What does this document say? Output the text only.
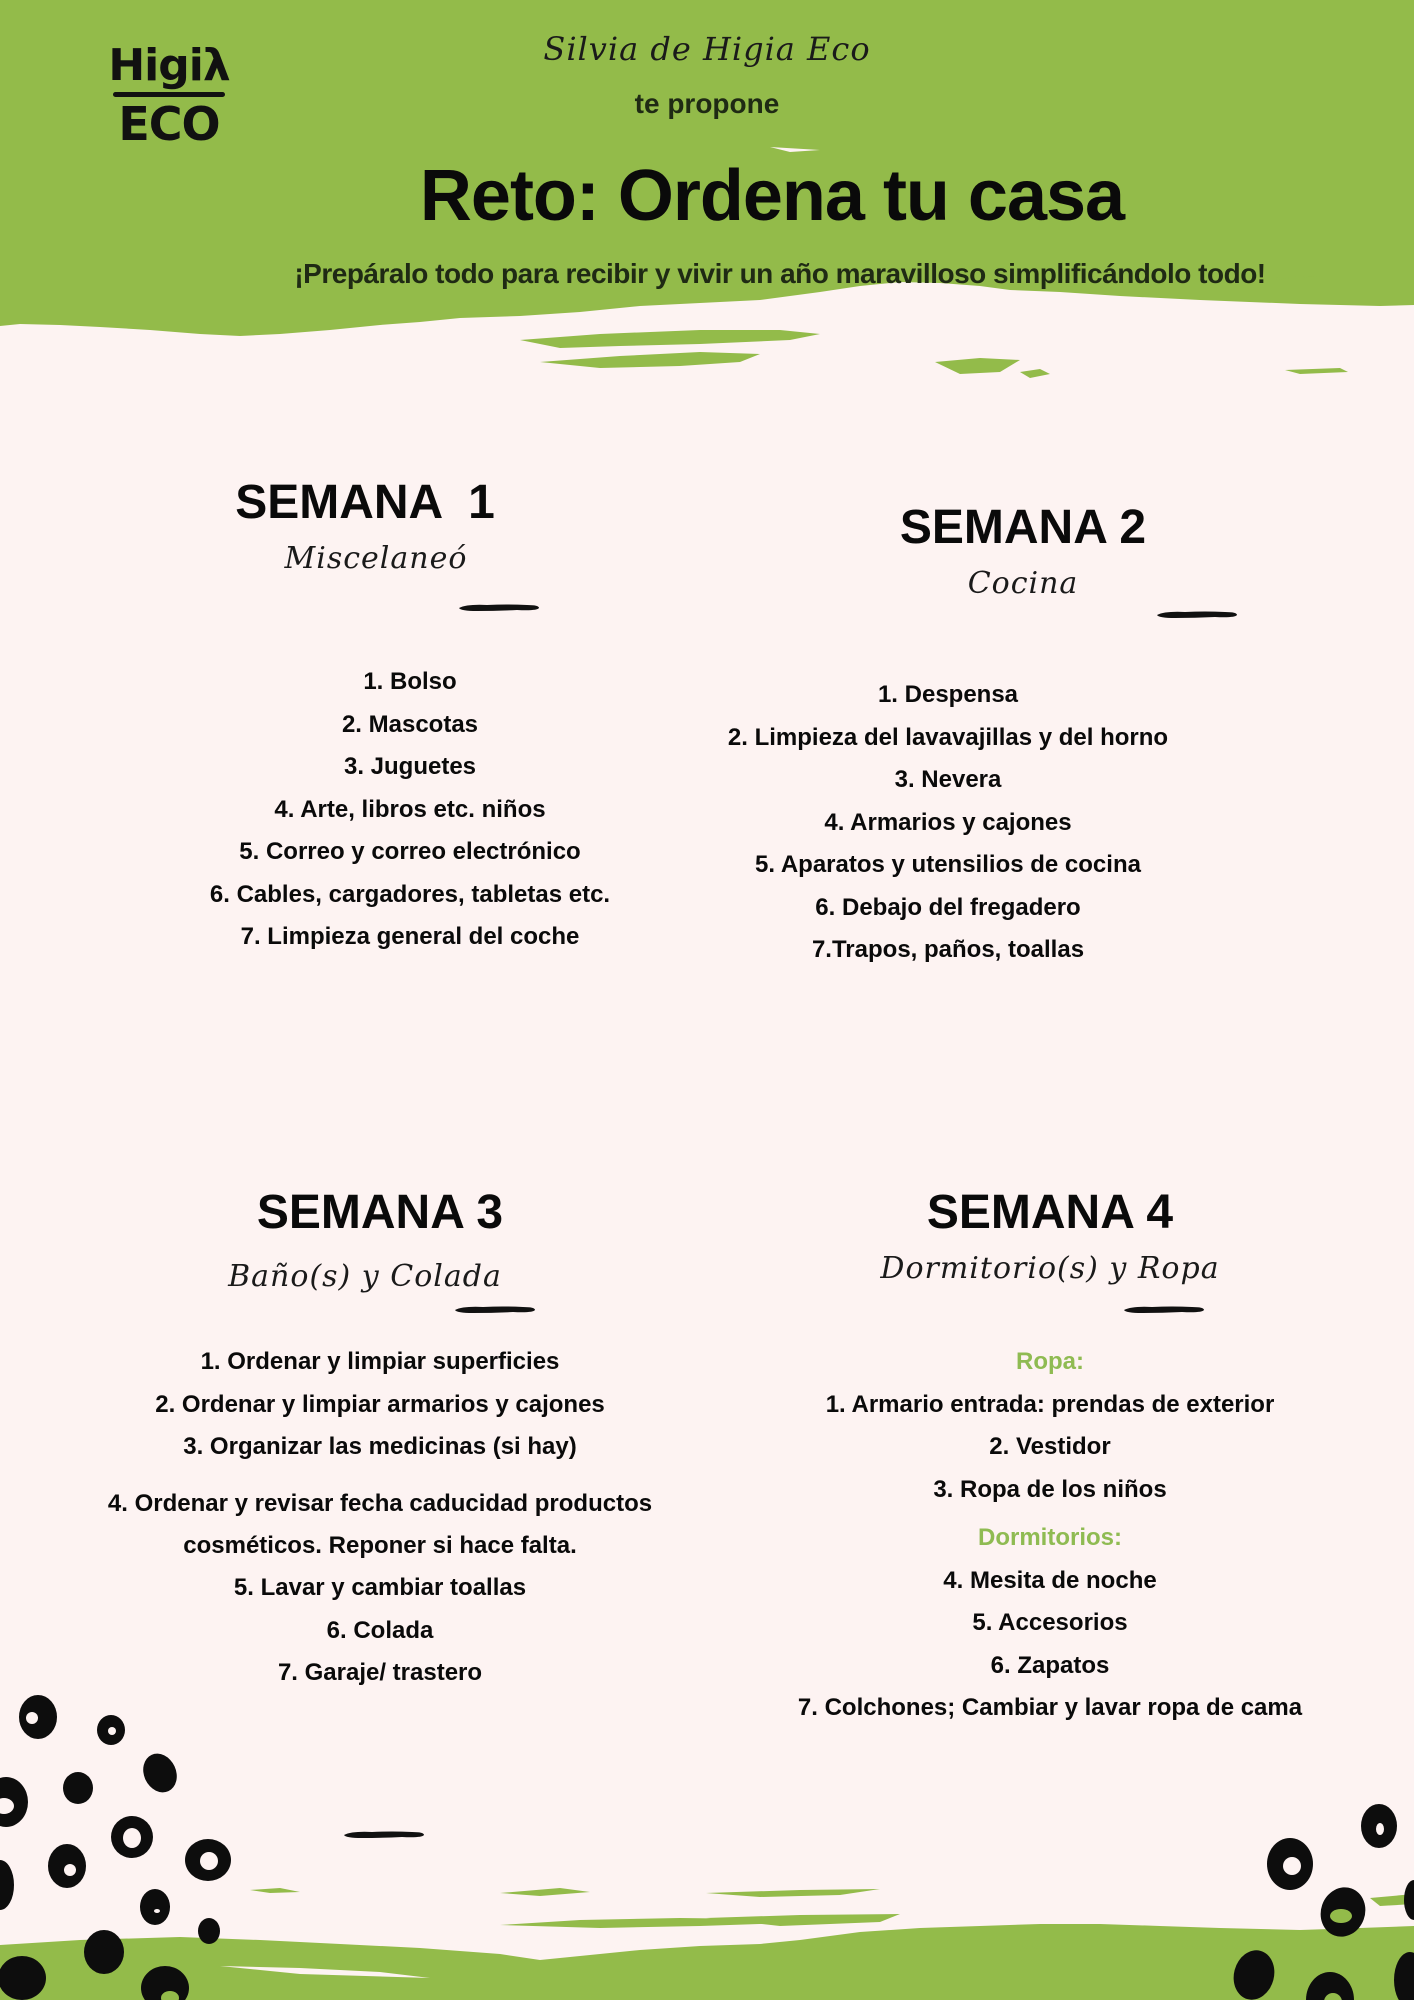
Higiλ
ECO
Silvia de Higia Eco
te propone
Reto: Ordena tu casa
¡Prepáralo todo para recibir y vivir un año maravilloso simplificándolo todo!
SEMANA  1
Miscelaneó
1. Bolso
2. Mascotas
3. Juguetes
4. Arte, libros etc. niños
5. Correo y correo electrónico
6. Cables, cargadores, tabletas etc.
7. Limpieza general del coche
SEMANA 2
Cocina
1. Despensa
2. Limpieza del lavavajillas y del horno
3. Nevera
4. Armarios y cajones
5. Aparatos y utensilios de cocina
6. Debajo del fregadero
7.Trapos, paños, toallas
SEMANA 3
Baño(s) y Colada
1. Ordenar y limpiar superficies
2. Ordenar y limpiar armarios y cajones
3. Organizar las medicinas (si hay)
4. Ordenar y revisar fecha caducidad productos
cosméticos. Reponer si hace falta.
5. Lavar y cambiar toallas
6. Colada
7. Garaje/ trastero
SEMANA 4
Dormitorio(s) y Ropa
Ropa:
1. Armario entrada: prendas de exterior
2. Vestidor
3. Ropa de los niños
Dormitorios:
4. Mesita de noche
5. Accesorios
6. Zapatos
7. Colchones; Cambiar y lavar ropa de cama
